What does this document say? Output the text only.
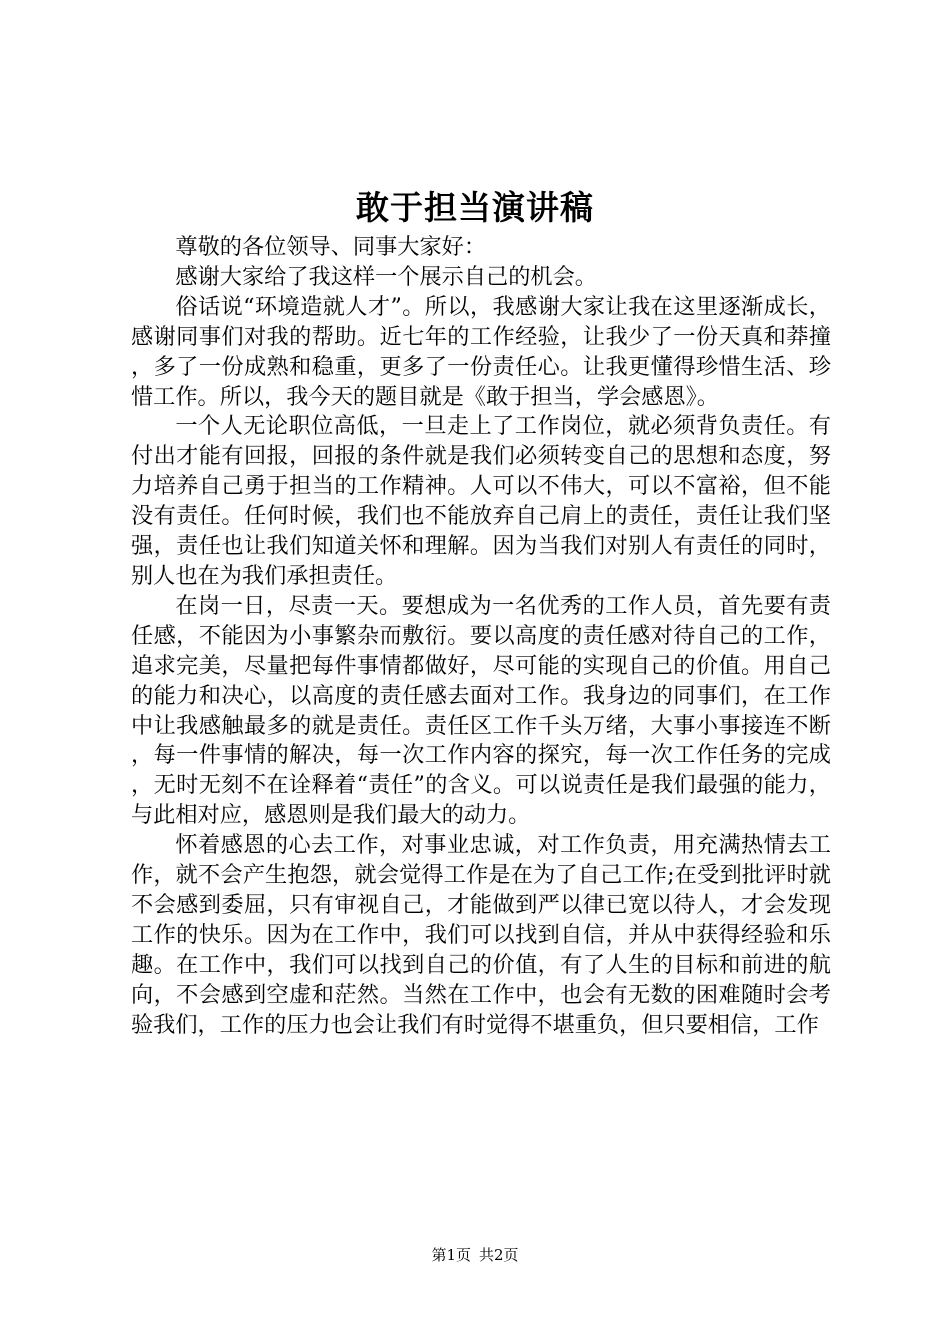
敢于担当演讲稿

尊敬的各位领导、同事大家好：

感谢大家给了我这样一个展示自己的机会。

俗话说“环境造就人才”。所以，我感谢大家让我在这里逐渐成长，感谢同事们对我的帮助。近七年的工作经验，让我少了一份天真和莽撞，多了一份成熟和稳重，更多了一份责任心。让我更懂得珍惜生活、珍惜工作。所以，我今天的题目就是《敢于担当，学会感恩》。

一个人无论职位高低，一旦走上了工作岗位，就必须背负责任。有付出才能有回报，回报的条件就是我们必须转变自己的思想和态度，努力培养自己勇于担当的工作精神。人可以不伟大，可以不富裕，但不能没有责任。任何时候，我们也不能放弃自己肩上的责任，责任让我们坚强，责任也让我们知道关怀和理解。因为当我们对别人有责任的同时，别人也在为我们承担责任。

在岗一日，尽责一天。要想成为一名优秀的工作人员，首先要有责任感，不能因为小事繁杂而敷衍。要以高度的责任感对待自己的工作，追求完美，尽量把每件事情都做好，尽可能的实现自己的价值。用自己的能力和决心，以高度的责任感去面对工作。我身边的同事们，在工作中让我感触最多的就是责任。责任区工作千头万绪，大事小事接连不断，每一件事情的解决，每一次工作内容的探究，每一次工作任务的完成，无时无刻不在诠释着“责任”的含义。可以说责任是我们最强的能力，与此相对应，感恩则是我们最大的动力。

怀着感恩的心去工作，对事业忠诚，对工作负责，用充满热情去工作，就不会产生抱怨，就会觉得工作是在为了自己工作;在受到批评时就不会感到委屈，只有审视自己，才能做到严以律已宽以待人，才会发现工作的快乐。因为在工作中，我们可以找到自信，并从中获得经验和乐趣。在工作中，我们可以找到自己的价值，有了人生的目标和前进的航向，不会感到空虚和茫然。当然在工作中，也会有无数的困难随时会考验我们，工作的压力也会让我们有时觉得不堪重负，但只要相信，工作

第1页 共2页
